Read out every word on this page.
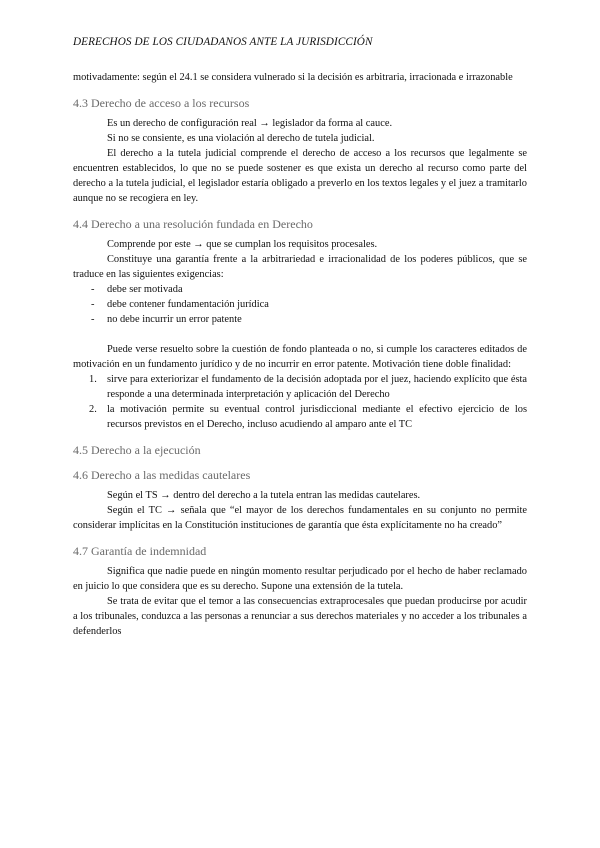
DERECHOS DE LOS CIUDADANOS ANTE LA JURISDICCIÓN

motivadamente: según el 24.1 se considera vulnerado si la decisión es arbitraria, irracionada e irrazonable

4.3 Derecho de acceso a los recursos

Es un derecho de configuración real → legislador da forma al cauce.

Si no se consiente, es una violación al derecho de tutela judicial.

El derecho a la tutela judicial comprende el derecho de acceso a los recursos que legalmente se encuentren establecidos, lo que no se puede sostener es que exista un derecho al recurso como parte del derecho a la tutela judicial, el legislador estaría obligado a preverlo en los textos legales y el juez a tramitarlo aunque no se recogiera en ley.

4.4 Derecho a una resolución fundada en Derecho

Comprende por este → que se cumplan los requisitos procesales.

Constituye una garantía frente a la arbitrariedad e irracionalidad de los poderes públicos, que se traduce en las siguientes exigencias:

- debe ser motivada
- debe contener fundamentación jurídica
- no debe incurrir un error patente

Puede verse resuelto sobre la cuestión de fondo planteada o no, si cumple los caracteres editados de motivación en un fundamento jurídico y de no incurrir en error patente. Motivación tiene doble finalidad:

1. sirve para exteriorizar el fundamento de la decisión adoptada por el juez, haciendo explícito que ésta responde a una determinada interpretación y aplicación del Derecho
2. la motivación permite su eventual control jurisdiccional mediante el efectivo ejercicio de los recursos previstos en el Derecho, incluso acudiendo al amparo ante el TC
4.5 Derecho a la ejecución
4.6 Derecho a las medidas cautelares

Según el TS → dentro del derecho a la tutela entran las medidas cautelares.

Según el TC → señala que “el mayor de los derechos fundamentales en su conjunto no permite considerar implícitas en la Constitución instituciones de garantía que ésta explícitamente no ha creado”

4.7 Garantía de indemnidad

Significa que nadie puede en ningún momento resultar perjudicado por el hecho de haber reclamado en juicio lo que considera que es su derecho. Supone una extensión de la tutela.

Se trata de evitar que el temor a las consecuencias extraprocesales que puedan producirse por acudir a los tribunales, conduzca a las personas a renunciar a sus derechos materiales y no acceder a los tribunales a defenderlos
